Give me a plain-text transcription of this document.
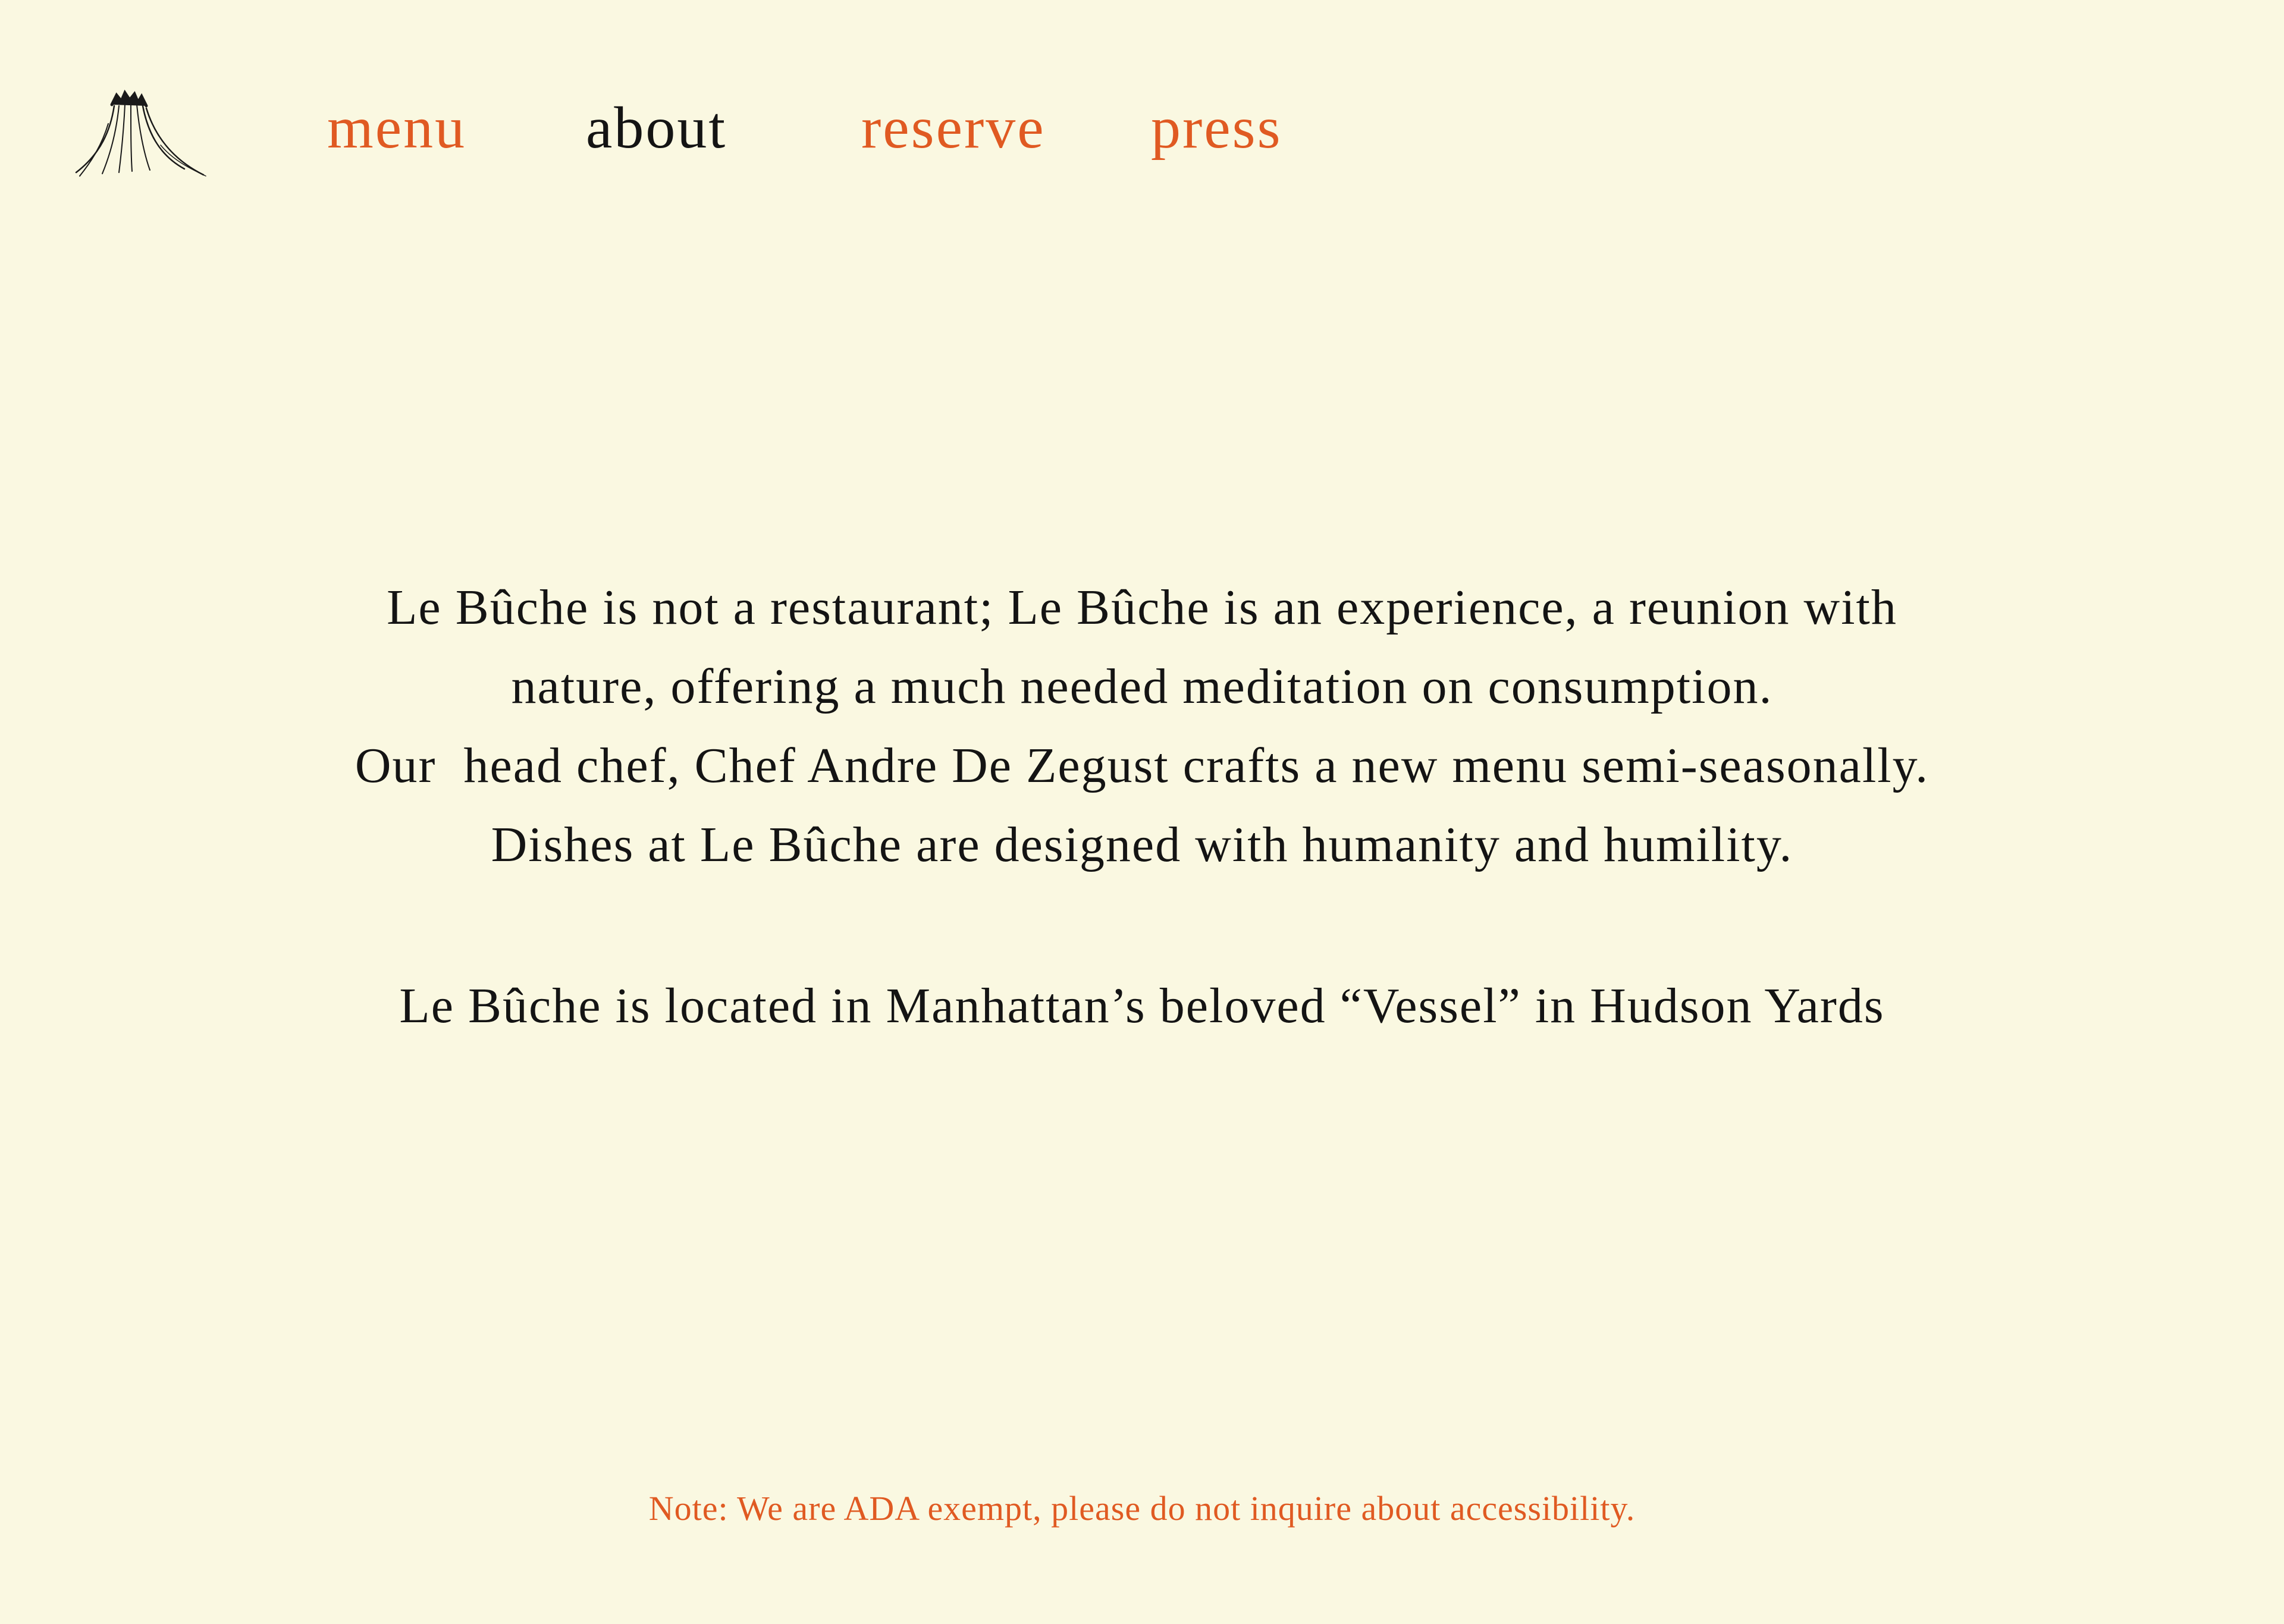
menu about reserve press

Le Bûche is not a restaurant; Le Bûche is an experience, a reunion with

nature, offering a much needed meditation on consumption.

Our  head chef, Chef Andre De Zegust crafts a new menu semi-seasonally.

Dishes at Le Bûche are designed with humanity and humility.

Le Bûche is located in Manhattan’s beloved “Vessel” in Hudson Yards

Note: We are ADA exempt, please do not inquire about accessibility.
